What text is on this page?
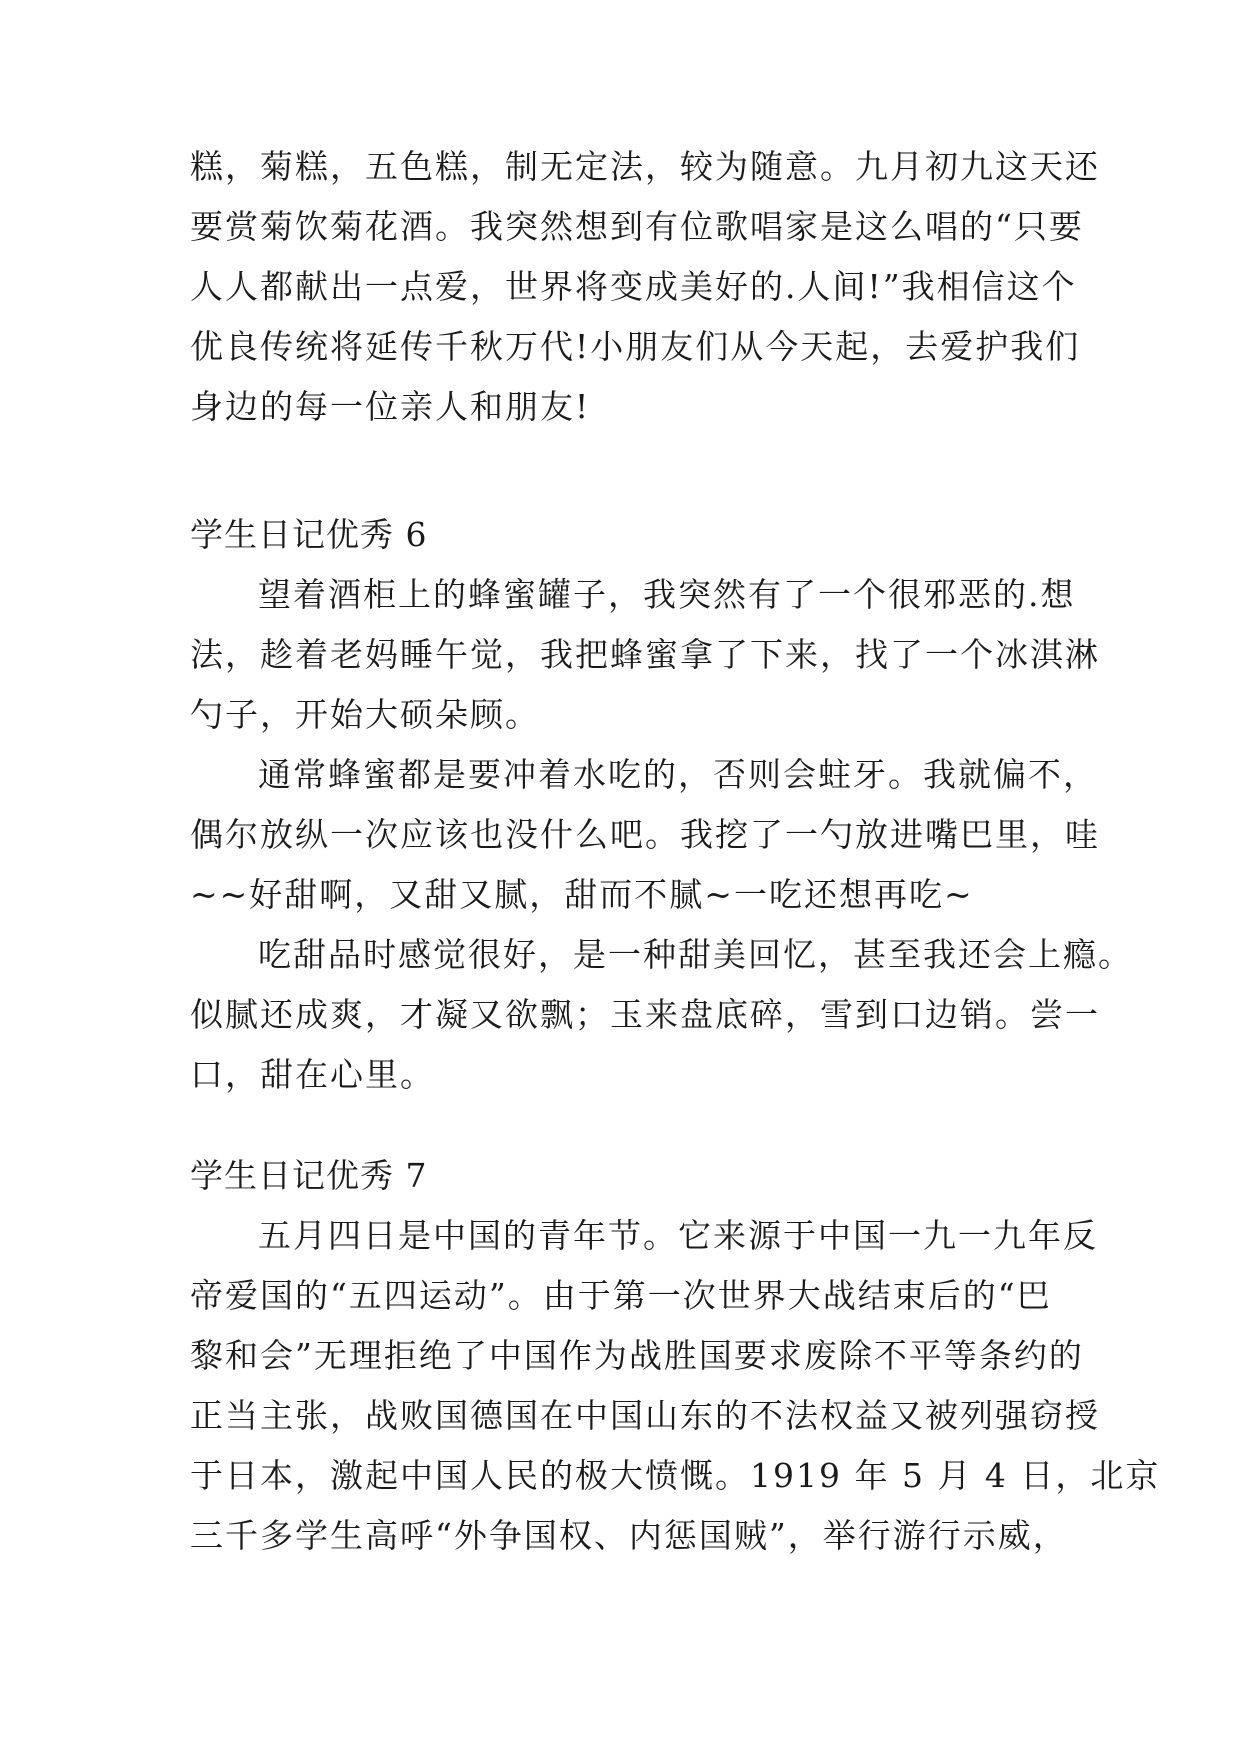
糕，菊糕，五色糕，制无定法，较为随意。九月初九这天还
要赏菊饮菊花酒。我突然想到有位歌唱家是这么唱的“只要
人人都献出一点爱，世界将变成美好的.人间!”我相信这个
优良传统将延传千秋万代!小朋友们从今天起，去爱护我们
身边的每一位亲人和朋友!
学生日记优秀 6
望着酒柜上的蜂蜜罐子，我突然有了一个很邪恶的.想
法，趁着老妈睡午觉，我把蜂蜜拿了下来，找了一个冰淇淋
勺子，开始大硕朵顾。
通常蜂蜜都是要冲着水吃的，否则会蛀牙。我就偏不，
偶尔放纵一次应该也没什么吧。我挖了一勺放进嘴巴里，哇
~~好甜啊，又甜又腻，甜而不腻~一吃还想再吃~
吃甜品时感觉很好，是一种甜美回忆，甚至我还会上瘾。
似腻还成爽，才凝又欲飘；玉来盘底碎，雪到口边销。尝一
口，甜在心里。
学生日记优秀 7
五月四日是中国的青年节。它来源于中国一九一九年反
帝爱国的“五四运动”。由于第一次世界大战结束后的“巴
黎和会”无理拒绝了中国作为战胜国要求废除不平等条约的
正当主张，战败国德国在中国山东的不法权益又被列强窃授
于日本，激起中国人民的极大愤慨。1919 年 5 月 4 日，北京
三千多学生高呼“外争国权、内惩国贼”，举行游行示威，
